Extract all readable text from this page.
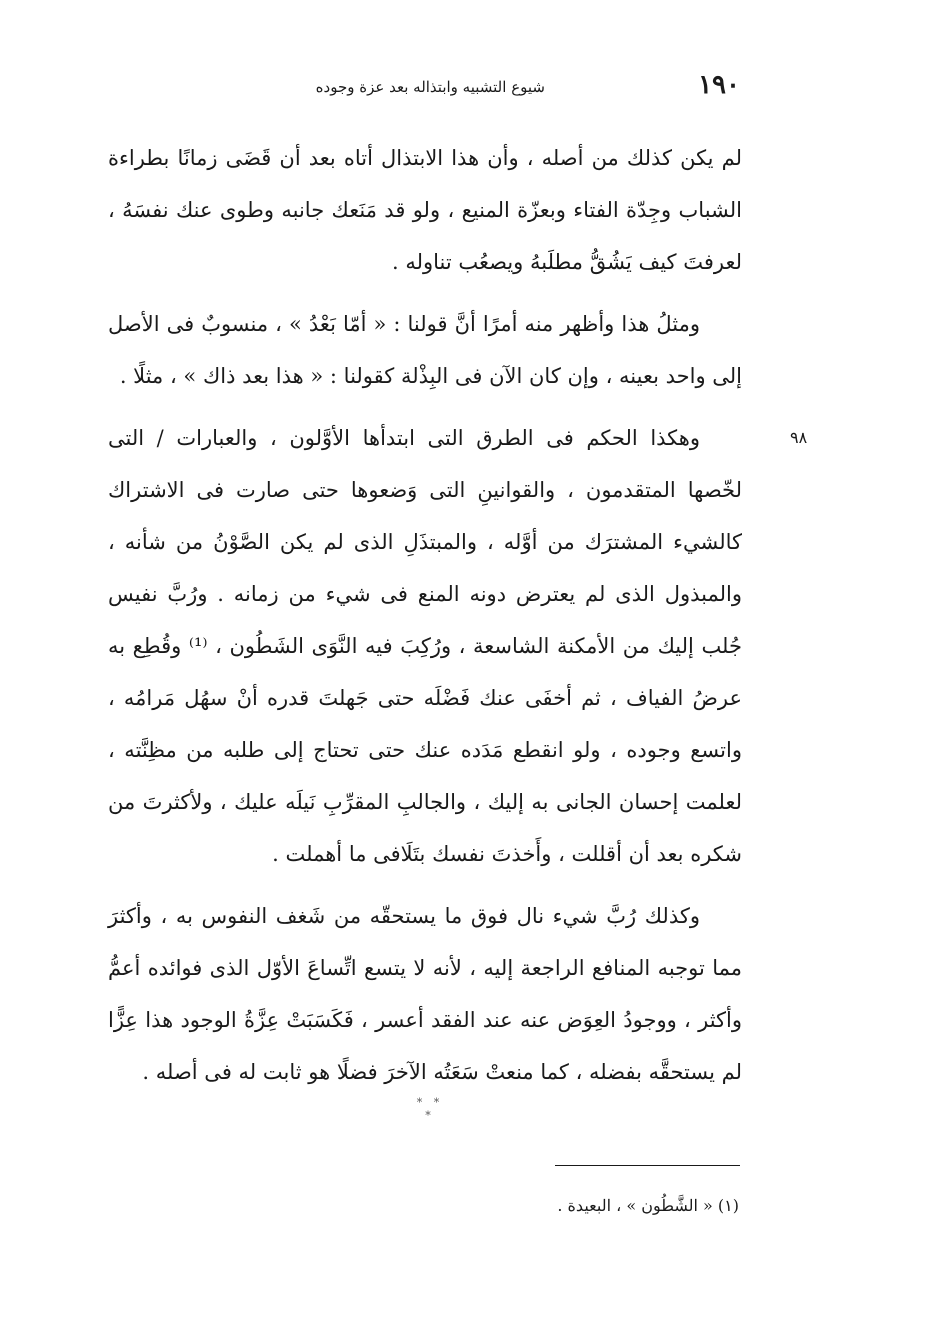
١٩٠
شيوع التشبيه وابتذاله بعد عزة وجوده
٩٨

لم يكن كذلك من أصله ، وأن هذا الابتذال أتاه بعد أن قَضَى زمانًا بطراءة الشباب وجِدّة الفتاء وبعزّة المنيع ، ولو قد مَنَعك جانبه وطوى عنك نفسَهُ ، لعرفتَ كيف يَشُقُّ مطلَبهُ ويصعُب تناوله .

ومثلُ هذا وأظهر منه أمرًا أنَّ قولنا : « أمّا بَعْدُ » ، منسوبٌ فى الأصل إلى واحد بعينه ، وإن كان الآن فى البِذْلة كقولنا : « هذا بعد ذاك » ، مثلًا .

وهكذا الحكم فى الطرق التى ابتدأها الأوَّلون ، والعبارات / التى لخّصها المتقدمون ، والقوانينِ التى وَضعوها حتى صارت فى الاشتراك كالشيء المشترَك من أوَّله ، والمبتذَلِ الذى لم يكن الصَّوْنُ من شأنه ، والمبذول الذى لم يعترض دونه المنع فى شيء من زمانه . ورُبَّ نفيس جُلب إليك من الأمكنة الشاسعة ، ورُكِبَ فيه النَّوَى الشَطُون ، ⁽¹⁾ وقُطِع به عرضُ الفياف ، ثم أخفَى عنك فَضْلَه حتى جَهلتَ قدره أنْ سهُل مَرامُه ، واتسع وجوده ، ولو انقطع مَدَده عنك حتى تحتاج إلى طلبه من مظِنَّته ، لعلمت إحسان الجانى به إليك ، والجالبِ المقرِّبِ نَيلَه عليك ، ولأكثرتَ من شكره بعد أن أقللت ، وأَخذتَ نفسك بتَلَافى ما أهملت .

وكذلك رُبَّ شيء نال فوق ما يستحقّه من شَغف النفوس به ، وأكثرَ مما توجبه المنافع الراجعة إليه ، لأنه لا يتسع اتِّساعَ الأوّل الذى فوائده أعمُّ وأكثر ، ووجودُ العِوَض عنه عند الفقد أعسر ، فَكَسَبَتْ عِزَّةُ الوجود هذا عِزًّا لم يستحقَّه بفضله ، كما منعتْ سَعَتُه الآخرَ فضلًا هو ثابت له فى أصله .

* * *
(١) « الشَّطُون » ، البعيدة .
